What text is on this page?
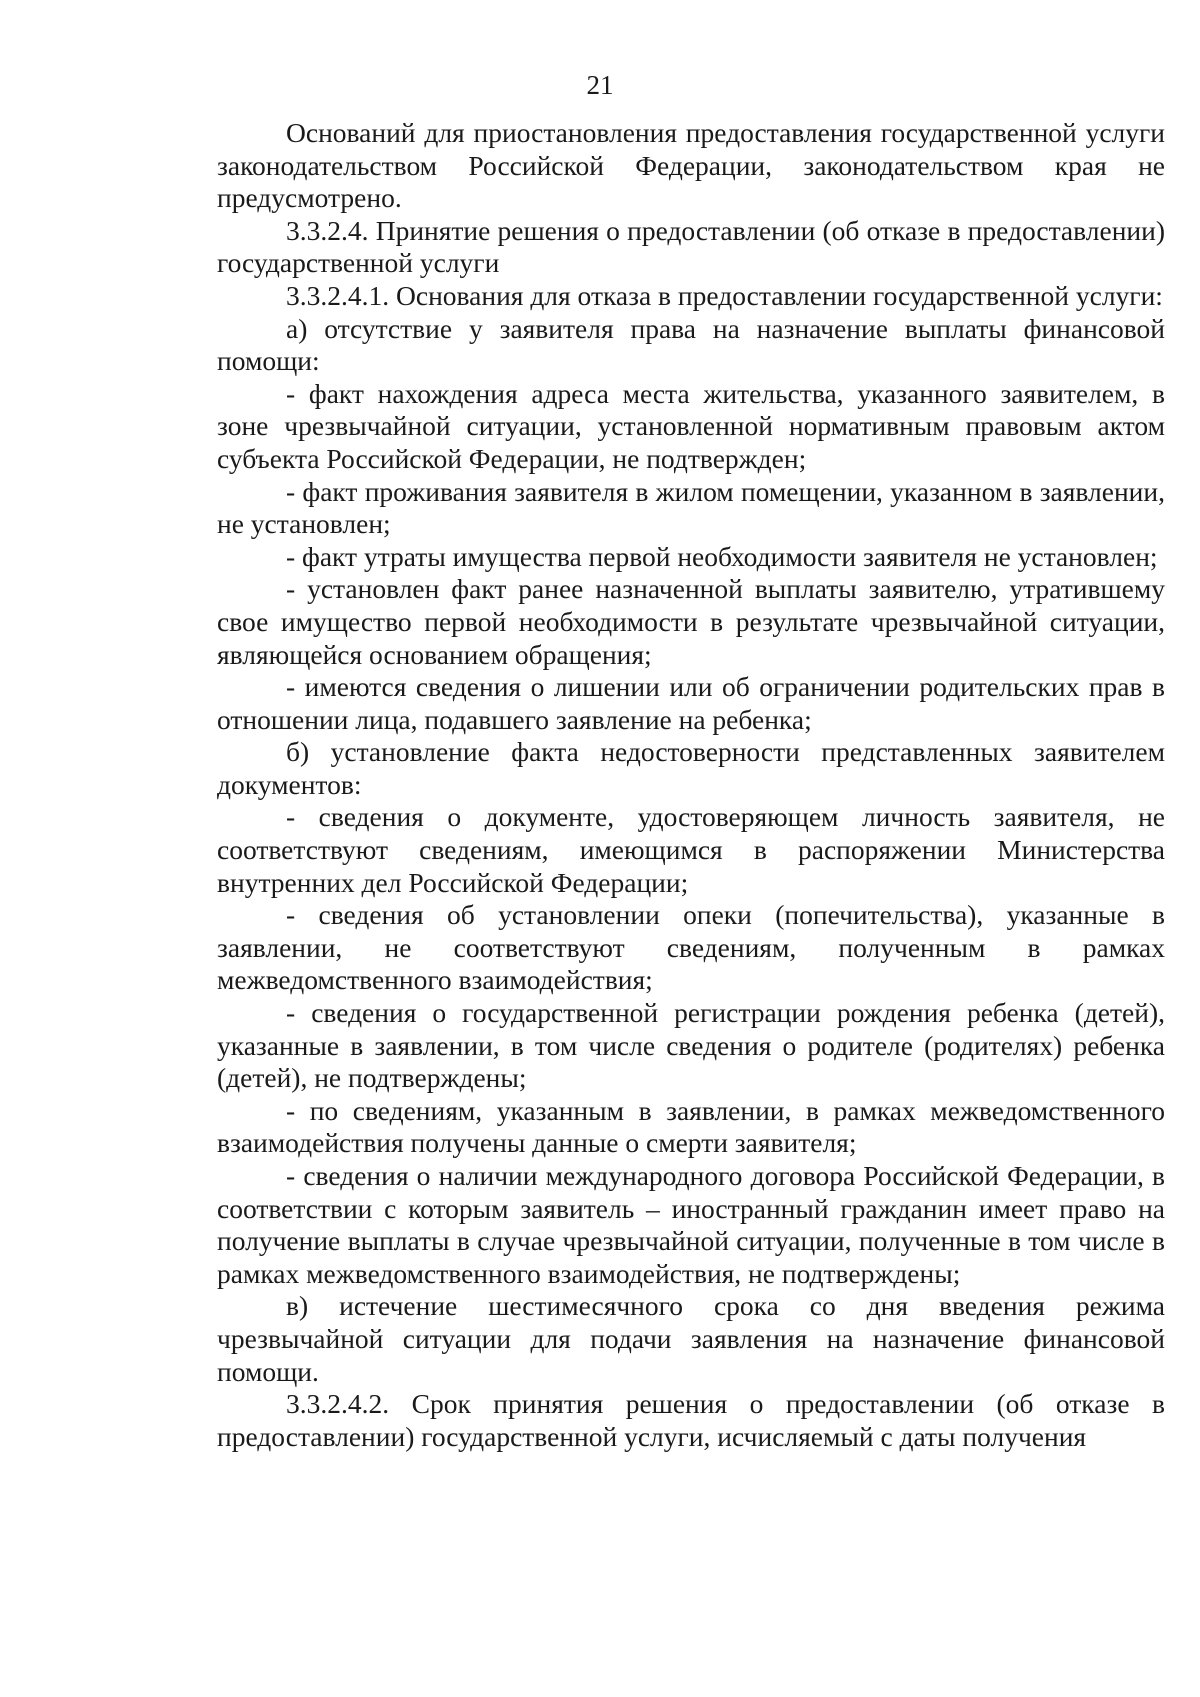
21

Оснований для приостановления предоставления государственной услуги законодательством Российской Федерации, законодательством края не предусмотрено.

3.3.2.4. Принятие решения о предоставлении (об отказе в предоставлении) государственной услуги

3.3.2.4.1. Основания для отказа в предоставлении государственной услуги:

а) отсутствие у заявителя права на назначение выплаты финансовой помощи:

- факт нахождения адреса места жительства, указанного заявителем, в зоне чрезвычайной ситуации, установленной нормативным правовым актом субъекта Российской Федерации, не подтвержден;

- факт проживания заявителя в жилом помещении, указанном в заявлении, не установлен;

- факт утраты имущества первой необходимости заявителя не установлен;

- установлен факт ранее назначенной выплаты заявителю, утратившему свое имущество первой необходимости в результате чрезвычайной ситуации, являющейся основанием обращения;

- имеются сведения о лишении или об ограничении родительских прав в отношении лица, подавшего заявление на ребенка;

б) установление факта недостоверности представленных заявителем документов:

- сведения о документе, удостоверяющем личность заявителя, не соответствуют сведениям, имеющимся в распоряжении Министерства внутренних дел Российской Федерации;

- сведения об установлении опеки (попечительства), указанные в заявлении, не соответствуют сведениям, полученным в рамках межведомственного взаимодействия;

- сведения о государственной регистрации рождения ребенка (детей), указанные в заявлении, в том числе сведения о родителе (родителях) ребенка (детей), не подтверждены;

- по сведениям, указанным в заявлении, в рамках межведомственного взаимодействия получены данные о смерти заявителя;

- сведения о наличии международного договора Российской Федерации, в соответствии с которым заявитель – иностранный гражданин имеет право на получение выплаты в случае чрезвычайной ситуации, полученные в том числе в рамках межведомственного взаимодействия, не подтверждены;

в) истечение шестимесячного срока со дня введения режима чрезвычайной ситуации для подачи заявления на назначение финансовой помощи.

3.3.2.4.2. Срок принятия решения о предоставлении (об отказе в предоставлении) государственной услуги, исчисляемый с даты получения
